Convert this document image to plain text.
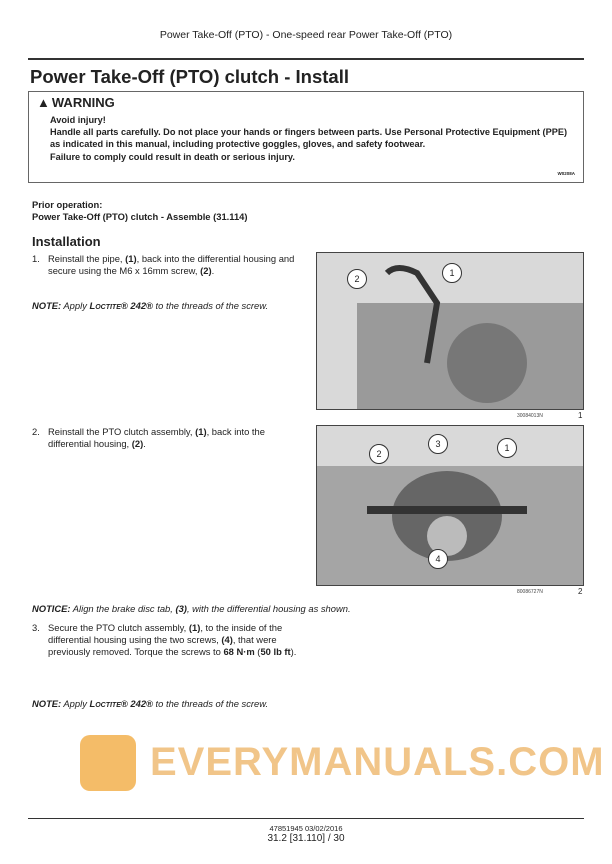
Power Take-Off (PTO) - One-speed rear Power Take-Off (PTO)
Power Take-Off (PTO) clutch - Install
▲ WARNING
Avoid injury!
Handle all parts carefully. Do not place your hands or fingers between parts. Use Personal Protective Equipment (PPE) as indicated in this manual, including protective goggles, gloves, and safety footwear.
Failure to comply could result in death or serious injury.
W0208A
Prior operation:
Power Take-Off (PTO) clutch - Assemble (31.114)
Installation
1. Reinstall the pipe, (1), back into the differential housing and secure using the M6 x 16mm screw, (2).
NOTE: Apply Loctite® 242® to the threads of the screw.
1
2
30084013N	1
2. Reinstall the PTO clutch assembly, (1), back into the differential housing, (2).	3
2
1
4
80086727N	2
NOTICE: Align the brake disc tab, (3), with the differential housing as shown.
3. Secure the PTO clutch assembly, (1), to the inside of the differential housing using the two screws, (4), that were previously removed. Torque the screws to 68 N·m (50 lb ft).
NOTE: Apply Loctite® 242® to the threads of the screw.
EVERYMANUALS.COM
47851945 03/02/2016
31.2 [31.110] / 30
